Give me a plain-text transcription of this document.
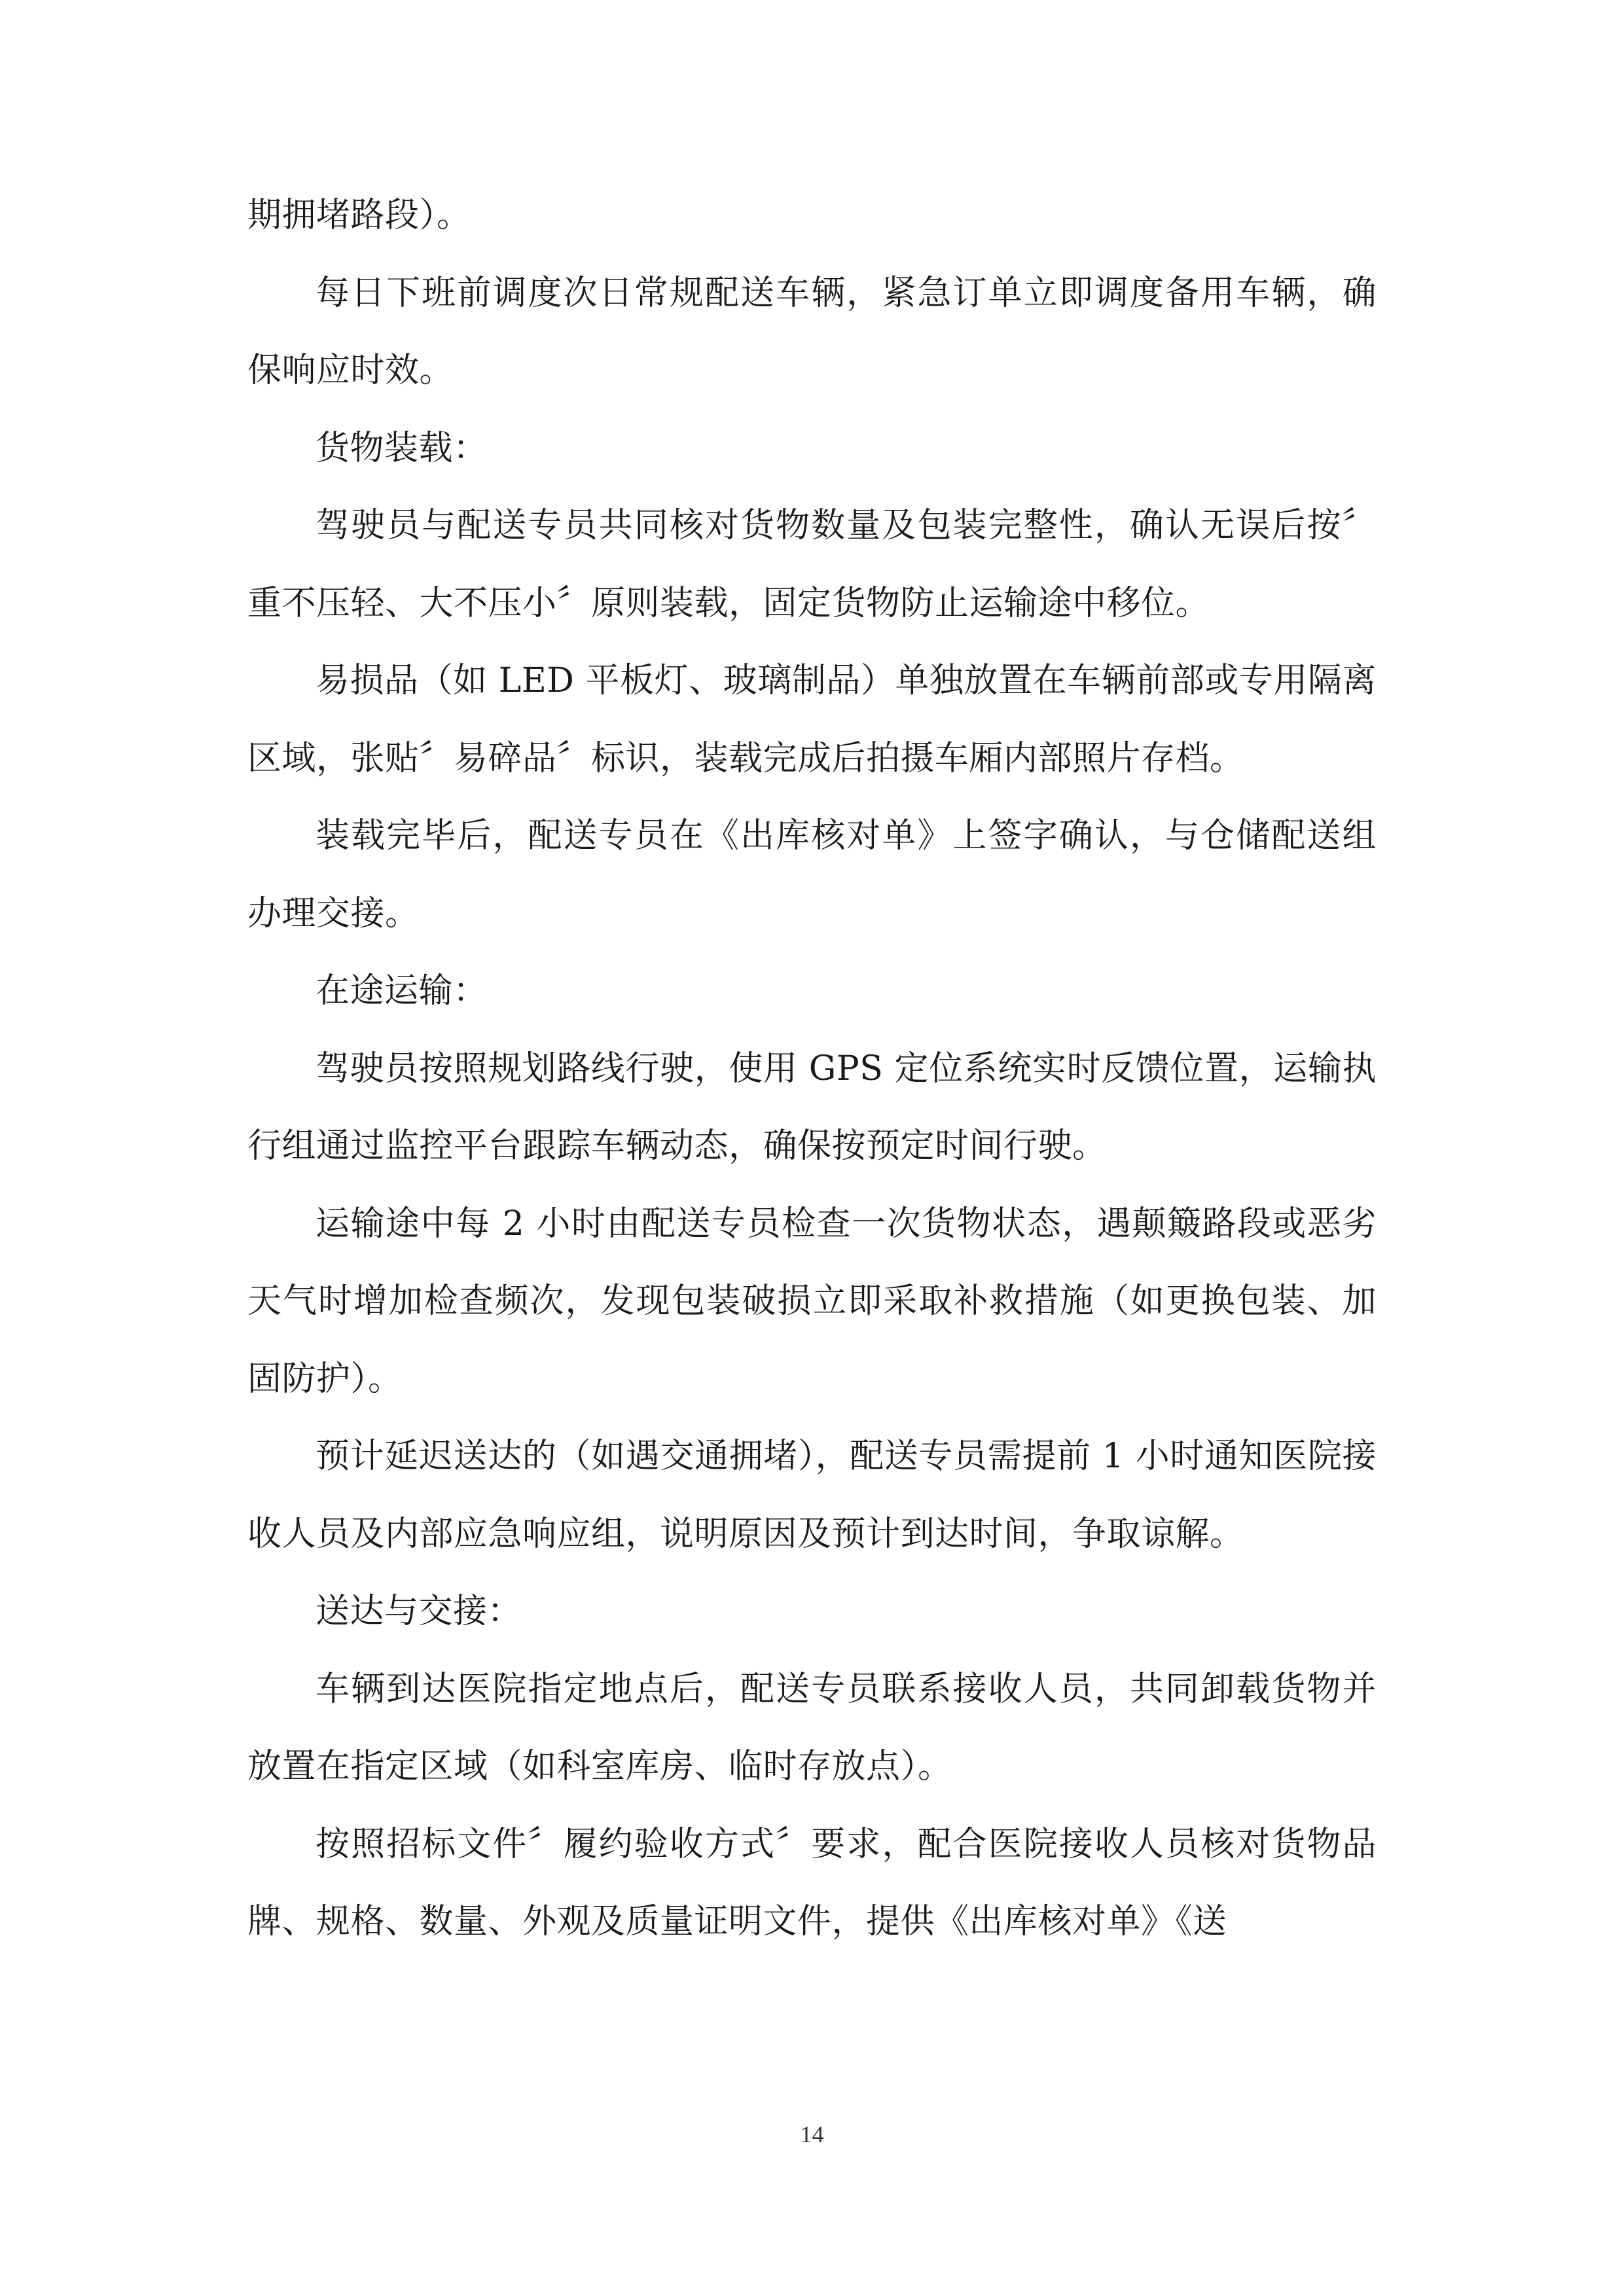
期拥堵路段）。

每日下班前调度次日常规配送车辆，紧急订单立即调度备用车辆，确保响应时效。

货物装载：

驾驶员与配送专员共同核对货物数量及包装完整性，确认无误后按〞重不压轻、大不压小〞原则装载，固定货物防止运输途中移位。

易损品（如 LED 平板灯、玻璃制品）单独放置在车辆前部或专用隔离区域，张贴〞易碎品〞标识，装载完成后拍摄车厢内部照片存档。

装载完毕后，配送专员在《出库核对单》上签字确认，与仓储配送组办理交接。

在途运输：

驾驶员按照规划路线行驶，使用 GPS 定位系统实时反馈位置，运输执行组通过监控平台跟踪车辆动态，确保按预定时间行驶。

运输途中每 2 小时由配送专员检查一次货物状态，遇颠簸路段或恶劣天气时增加检查频次，发现包装破损立即采取补救措施（如更换包装、加固防护）。

预计延迟送达的（如遇交通拥堵），配送专员需提前 1 小时通知医院接收人员及内部应急响应组，说明原因及预计到达时间，争取谅解。

送达与交接：

车辆到达医院指定地点后，配送专员联系接收人员，共同卸载货物并放置在指定区域（如科室库房、临时存放点）。

按照招标文件〞履约验收方式〞要求，配合医院接收人员核对货物品牌、规格、数量、外观及质量证明文件，提供《出库核对单》《送

14
